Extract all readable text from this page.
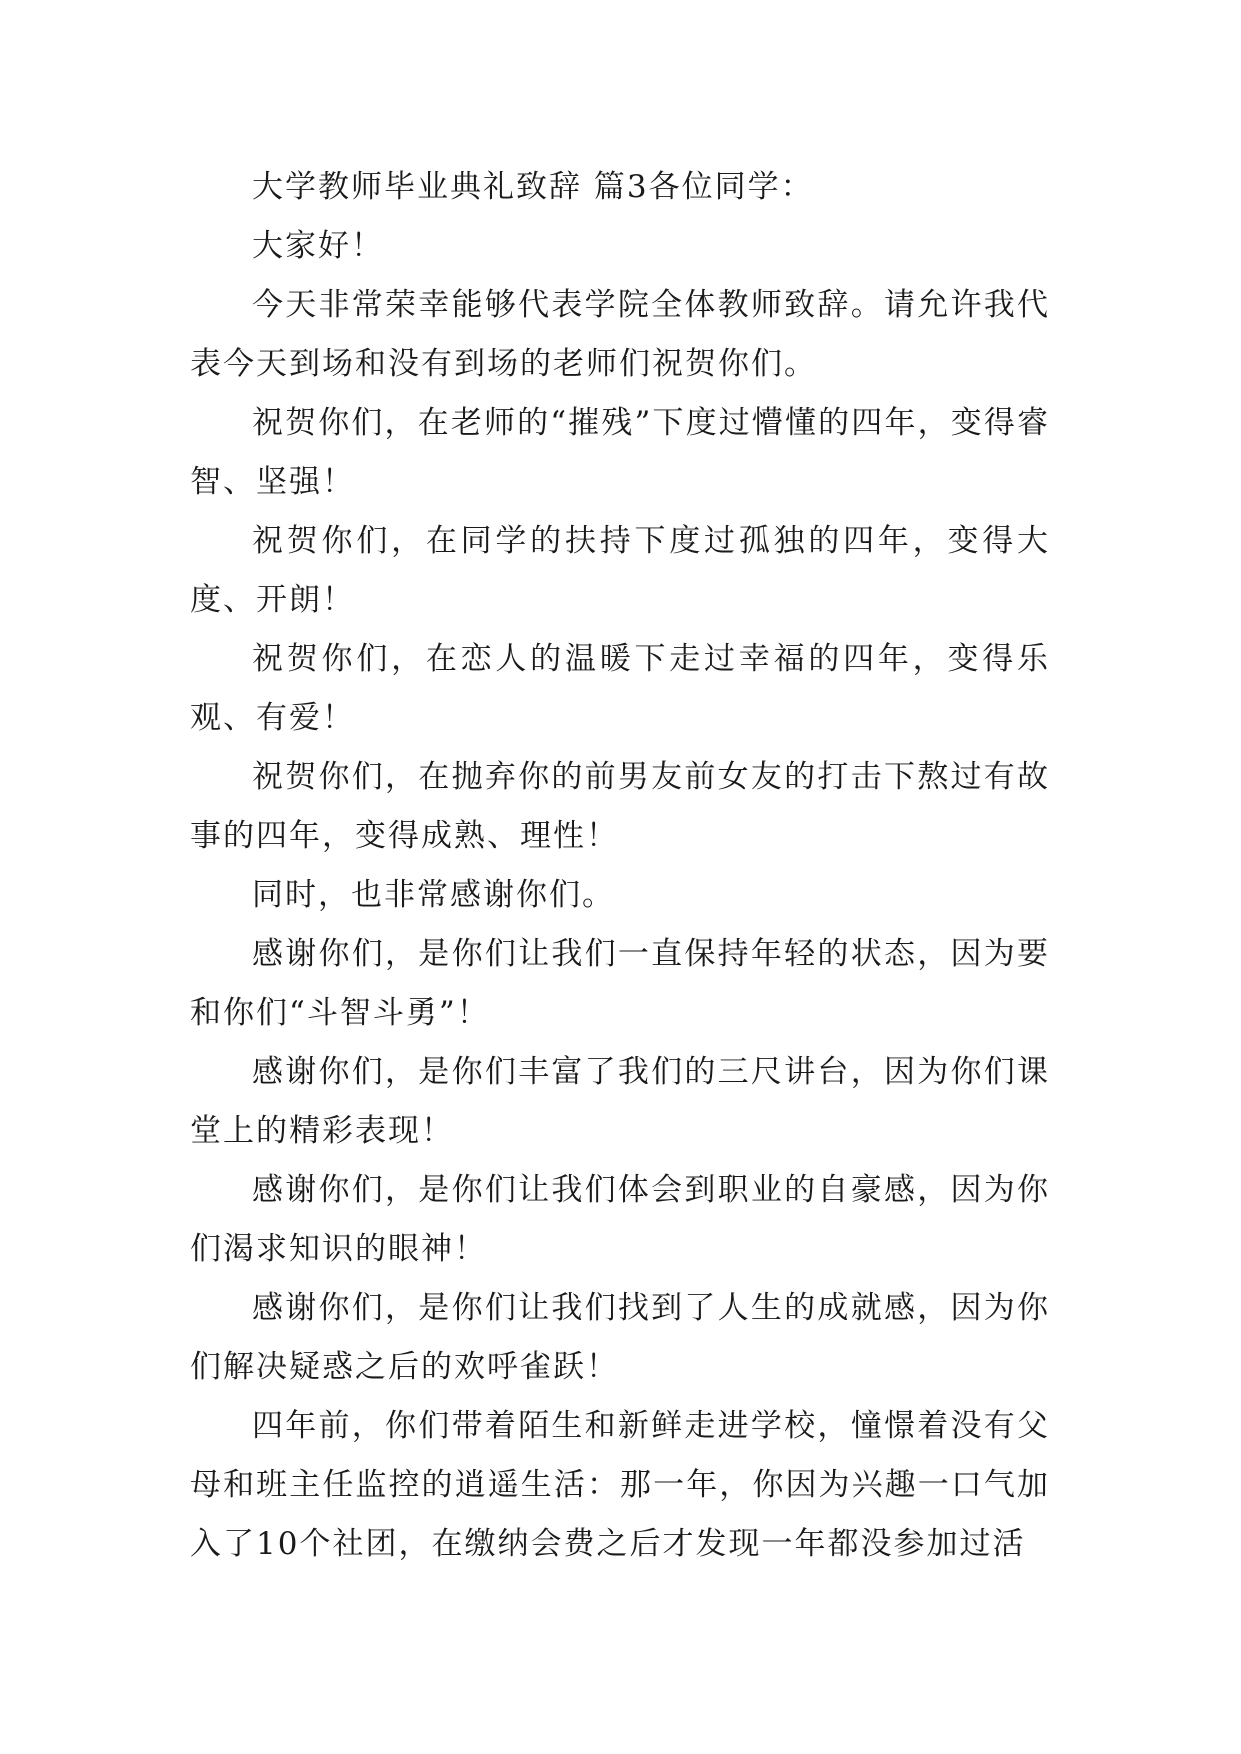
大学教师毕业典礼致辞 篇3各位同学：

大家好！

今天非常荣幸能够代表学院全体教师致辞。请允许我代表今天到场和没有到场的老师们祝贺你们。

祝贺你们，在老师的“摧残”下度过懵懂的四年，变得睿智、坚强！

祝贺你们，在同学的扶持下度过孤独的四年，变得大度、开朗！

祝贺你们，在恋人的温暖下走过幸福的四年，变得乐观、有爱！

祝贺你们，在抛弃你的前男友前女友的打击下熬过有故事的四年，变得成熟、理性！

同时，也非常感谢你们。

感谢你们，是你们让我们一直保持年轻的状态，因为要和你们“斗智斗勇”！

感谢你们，是你们丰富了我们的三尺讲台，因为你们课堂上的精彩表现！

感谢你们，是你们让我们体会到职业的自豪感，因为你们渴求知识的眼神！

感谢你们，是你们让我们找到了人生的成就感，因为你们解决疑惑之后的欢呼雀跃！

四年前，你们带着陌生和新鲜走进学校，憧憬着没有父母和班主任监控的逍遥生活：那一年，你因为兴趣一口气加入了10个社团，在缴纳会费之后才发现一年都没参加过活
